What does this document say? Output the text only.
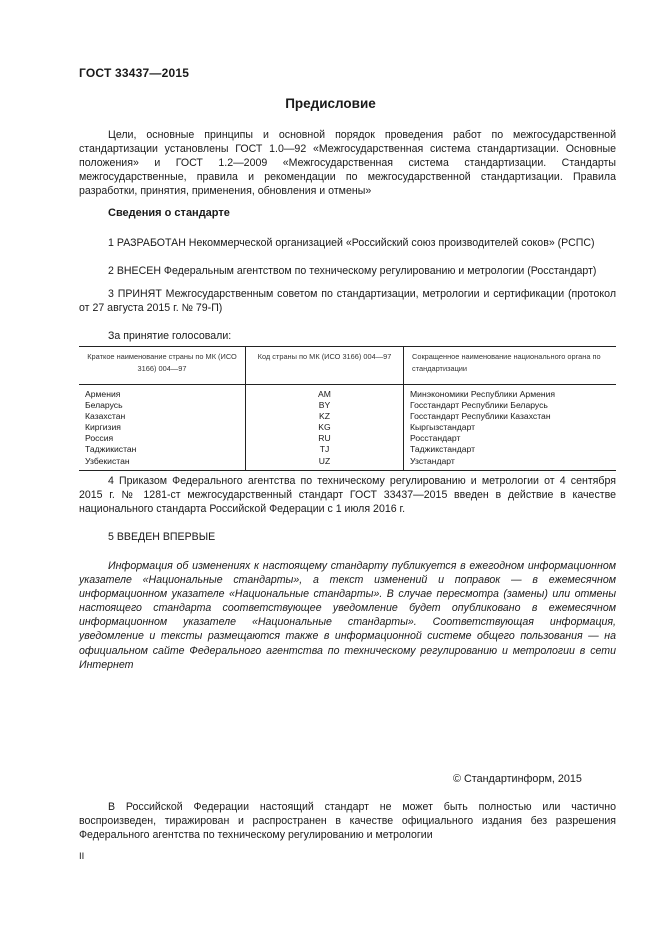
ГОСТ 33437—2015
Предисловие
Цели, основные принципы и основной порядок проведения работ по межгосударственной стандартизации установлены ГОСТ 1.0—92 «Межгосударственная система стандартизации. Основные положения» и ГОСТ 1.2—2009 «Межгосударственная система стандартизации. Стандарты межгосударственные, правила и рекомендации по межгосударственной стандартизации. Правила разработки, принятия, применения, обновления и отмены»
Сведения о стандарте
1 РАЗРАБОТАН Некоммерческой организацией «Российский союз производителей соков» (РСПС)
2 ВНЕСЕН Федеральным агентством по техническому регулированию и метрологии (Росстандарт)
3 ПРИНЯТ Межгосударственным советом по стандартизации, метрологии и сертификации (протокол от 27 августа 2015 г. № 79-П)
За принятие голосовали:
Краткое наименование страны по МК (ИСО 3166) 004—97	Код страны по МК (ИСО 3166) 004—97	Сокращенное наименование национального органа по стандартизации
Армения	AM	Минэкономики Республики Армения
Беларусь	BY	Госстандарт Республики Беларусь
Казахстан	KZ	Госстандарт Республики Казахстан
Киргизия	KG	Кыргызстандарт
Россия	RU	Росстандарт
Таджикистан	TJ	Таджикстандарт
Узбекистан	UZ	Узстандарт
4 Приказом Федерального агентства по техническому регулированию и метрологии от 4 сентября 2015 г. № 1281-ст межгосударственный стандарт ГОСТ 33437—2015 введен в действие в качестве национального стандарта Российской Федерации с 1 июля 2016 г.
5 ВВЕДЕН ВПЕРВЫЕ
Информация об изменениях к настоящему стандарту публикуется в ежегодном информационном указателе «Национальные стандарты», а текст изменений и поправок — в ежемесячном информационном указателе «Национальные стандарты». В случае пересмотра (замены) или отмены настоящего стандарта соответствующее уведомление будет опубликовано в ежемесячном информационном указателе «Национальные стандарты». Соответствующая информация, уведомление и тексты размещаются также в информационной системе общего пользования — на официальном сайте Федерального агентства по техническому регулированию и метрологии в сети Интернет
© Стандартинформ, 2015
В Российской Федерации настоящий стандарт не может быть полностью или частично воспроизведен, тиражирован и распространен в качестве официального издания без разрешения Федерального агентства по техническому регулированию и метрологии
II
